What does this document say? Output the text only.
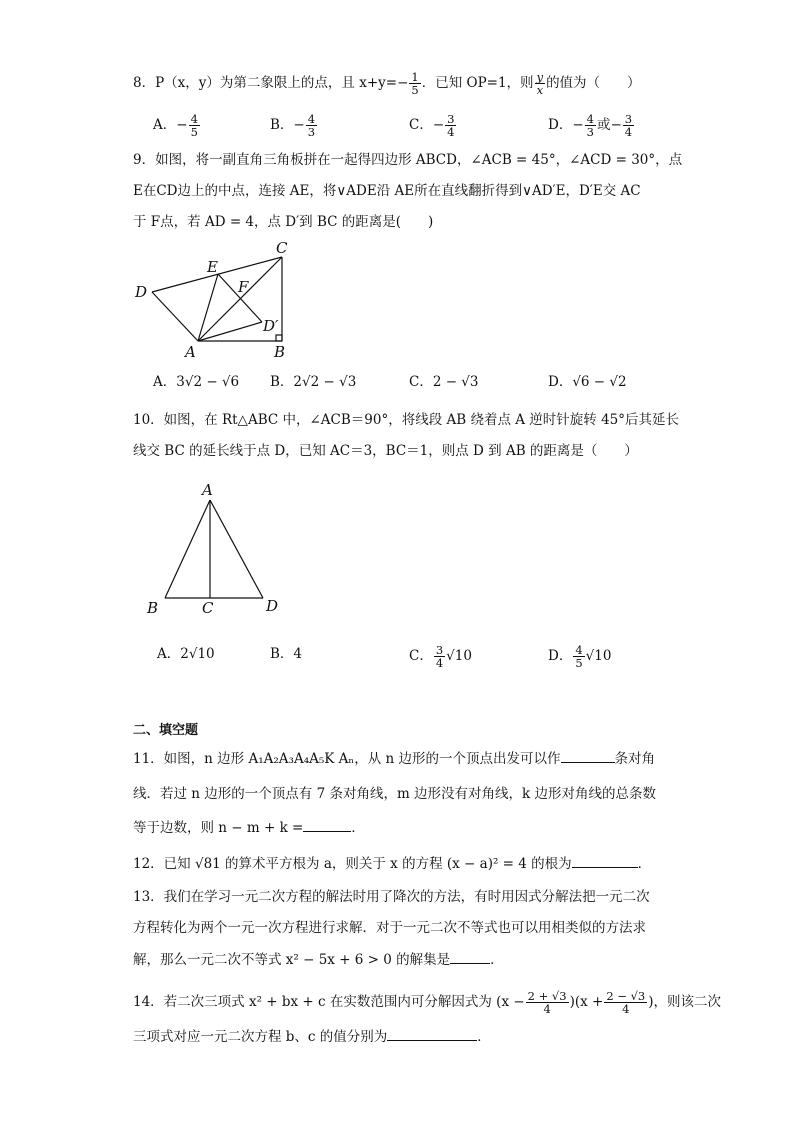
8．P（x，y）为第二象限上的点，且 $x+y=- \frac{1}{5}$ ．已知 OP=1，则 $\frac{y}{x}$ 的值为（　　）
A．− $\frac{4}{5}$	B．− $\frac{4}{3}$	C．− $\frac{3}{4}$	D．− $\frac{4}{3}$ 或− $\frac{3}{4}$
9．如图，将一副直角三角板拼在一起得四边形 ABCD，∠ACB = 45°，∠ACD = 30°，点
E在CD边上的中点，连接 AE，将∨ADE沿 AE所在直线翻折得到∨AD′E，D′E交 AC
于 F点，若 AD = 4，点 D′到 BC 的距离是(　　)
C
E
D	F
D′
A	B
A．3√2 − √6 B．2√2 − √3	C．2 − √3	D．√6 − √2
10．如图，在 Rt△ABC 中，∠ACB＝90°，将线段 AB 绕着点 A 逆时针旋转 45°后其延长
线交 BC 的延长线于点 D，已知 AC＝3，BC＝1，则点 D 到 AB 的距离是（　　）
A
B	C	D
A．2√10	B．4	C． $\frac{3}{4} √10$	D． $\frac{4}{5} √10$
二、填空题
11．如图，n 边形 A₁A₂A₃A₄A₅K Aₙ，从 n 边形的一个顶点出发可以作	条对角
线．若过 n 边形的一个顶点有 7 条对角线，m 边形没有对角线，k 边形对角线的总条数
等于边数，则 n − m + k =	．
12．已知 √81 的算术平方根为 a，则关于 x 的方程 (x − a)² = 4 的根为	．
13．我们在学习一元二次方程的解法时用了降次的方法，有时用因式分解法把一元二次
方程转化为两个一元一次方程进行求解．对于一元二次不等式也可以用相类似的方法求
解，那么一元二次不等式 x² − 5x + 6 > 0 的解集是	．
14．若二次三项式 x² + bx + c 在实数范围内可分解因式为 $(x - \frac{2 + √3}{4} )(x + \frac{2 - √3}{4}$ )，则该二次
三项式对应一元二次方程 b、c 的值分别为	．
